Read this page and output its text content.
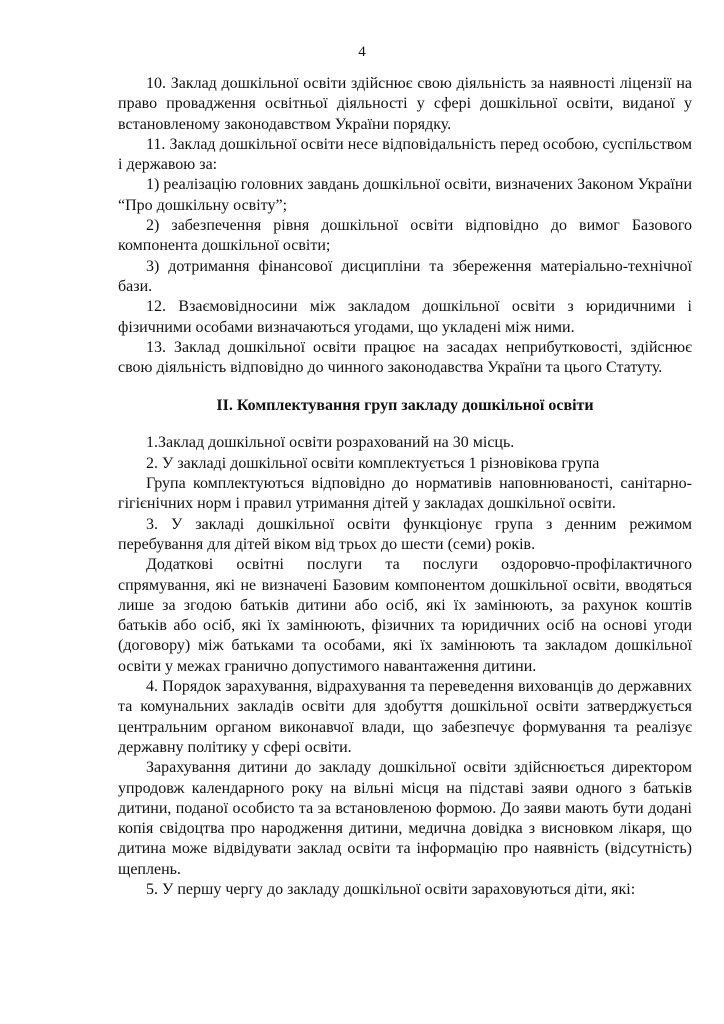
4

10. Заклад дошкільної освіти здійснює свою діяльність за наявності ліцензії на право провадження освітньої діяльності у сфері дошкільної освіти, виданої у встановленому законодавством України порядку.

11. Заклад дошкільної освіти несе відповідальність перед особою, суспільством і державою за:

1) реалізацію головних завдань дошкільної освіти, визначених Законом України “Про дошкільну освіту”;

2) забезпечення рівня дошкільної освіти відповідно до вимог Базового компонента дошкільної освіти;

3) дотримання фінансової дисципліни та збереження матеріально-технічної бази.

12. Взаємовідносини між закладом дошкільної освіти з юридичними і фізичними особами визначаються угодами, що укладені між ними.

13. Заклад дошкільної освіти працює на засадах неприбутковості, здійснює свою діяльність відповідно до чинного законодавства України та цього Статуту.

ІІ. Комплектування груп закладу дошкільної освіти

1.Заклад дошкільної освіти розрахований на 30 місць.

2. У закладі дошкільної освіти комплектується 1 різновікова група

Група комплектуються відповідно до нормативів наповнюваності, санітарно-гігієнічних норм і правил утримання дітей у закладах дошкільної освіти.

3. У закладі дошкільної освіти функціонує група з денним режимом перебування для дітей віком від трьох до шести (семи) років.

Додаткові освітні послуги та послуги оздоровчо-профілактичного спрямування, які не визначені Базовим компонентом дошкільної освіти, вводяться лише за згодою батьків дитини або осіб, які їх замінюють, за рахунок коштів батьків або осіб, які їх замінюють, фізичних та юридичних осіб на основі угоди (договору) між батьками та особами, які їх замінюють та закладом дошкільної освіти у межах гранично допустимого навантаження дитини.

4. Порядок зарахування, відрахування та переведення вихованців до державних та комунальних закладів освіти для здобуття дошкільної освіти затверджується центральним органом виконавчої влади, що забезпечує формування та реалізує державну політику у сфері освіти.

Зарахування дитини до закладу дошкільної освіти здійснюється директором упродовж календарного року на вільні місця на підставі заяви одного з батьків дитини, поданої особисто та за встановленою формою. До заяви мають бути додані копія свідоцтва про народження дитини, медична довідка з висновком лікаря, що дитина може відвідувати заклад освіти та інформацію про наявність (відсутність) щеплень.

5. У першу чергу до закладу дошкільної освіти зараховуються діти, які:
